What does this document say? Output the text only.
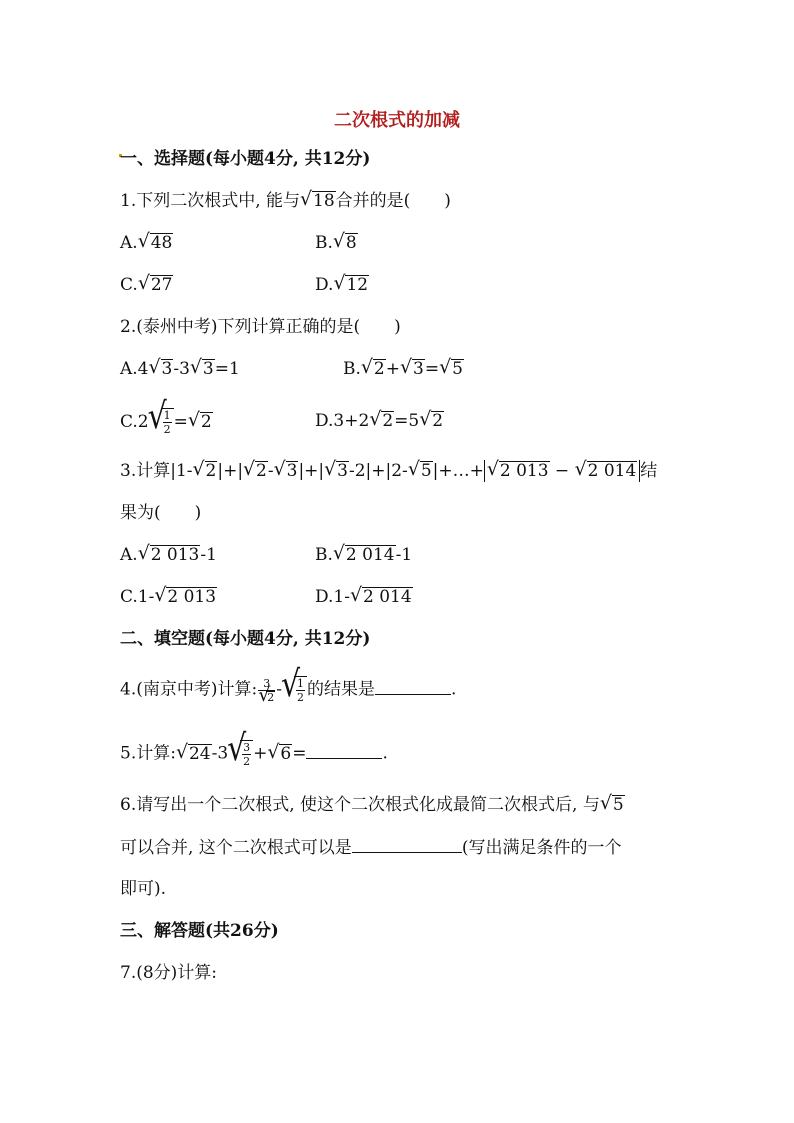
二次根式的加减
一、选择题(每小题4分, 共12分)
1.下列二次根式中, 能与 √ 18合并的是(　　)
A. √ 48	B. √ 8
C. √ 27	D. √ 12
2.(泰州中考)下列计算正确的是(　　)
A.4 √ 3-3 √ 3=1	B. √ 2+ √ 3= √ 5
C.2 √ $\frac{1}{2}$ = √ 2	D.3+2 √ 2=5 √ 2
3.计算|1- √ 2|+| √ 2- √ 3|+| √ 3-2|+|2- √ 5|+…+ √ 2 013 − √ 2 014 结
果为(　　)
A. √ 2 013-1	B. √ 2 014-1
C.1- √ 2 013	D.1- √ 2 014
二、填空题(每小题4分, 共12分)
4.(南京中考)计算: 3
√ 2 - √ $\frac{1}{2}$ 的结果是	.
5.计算: √ 24-3 √ $\frac{3}{2}$ + √ 6=	.
6.请写出一个二次根式, 使这个二次根式化成最简二次根式后, 与 √ 5
可以合并, 这个二次根式可以是	(写出满足条件的一个
即可).
三、解答题(共26分)
7.(8分)计算:
